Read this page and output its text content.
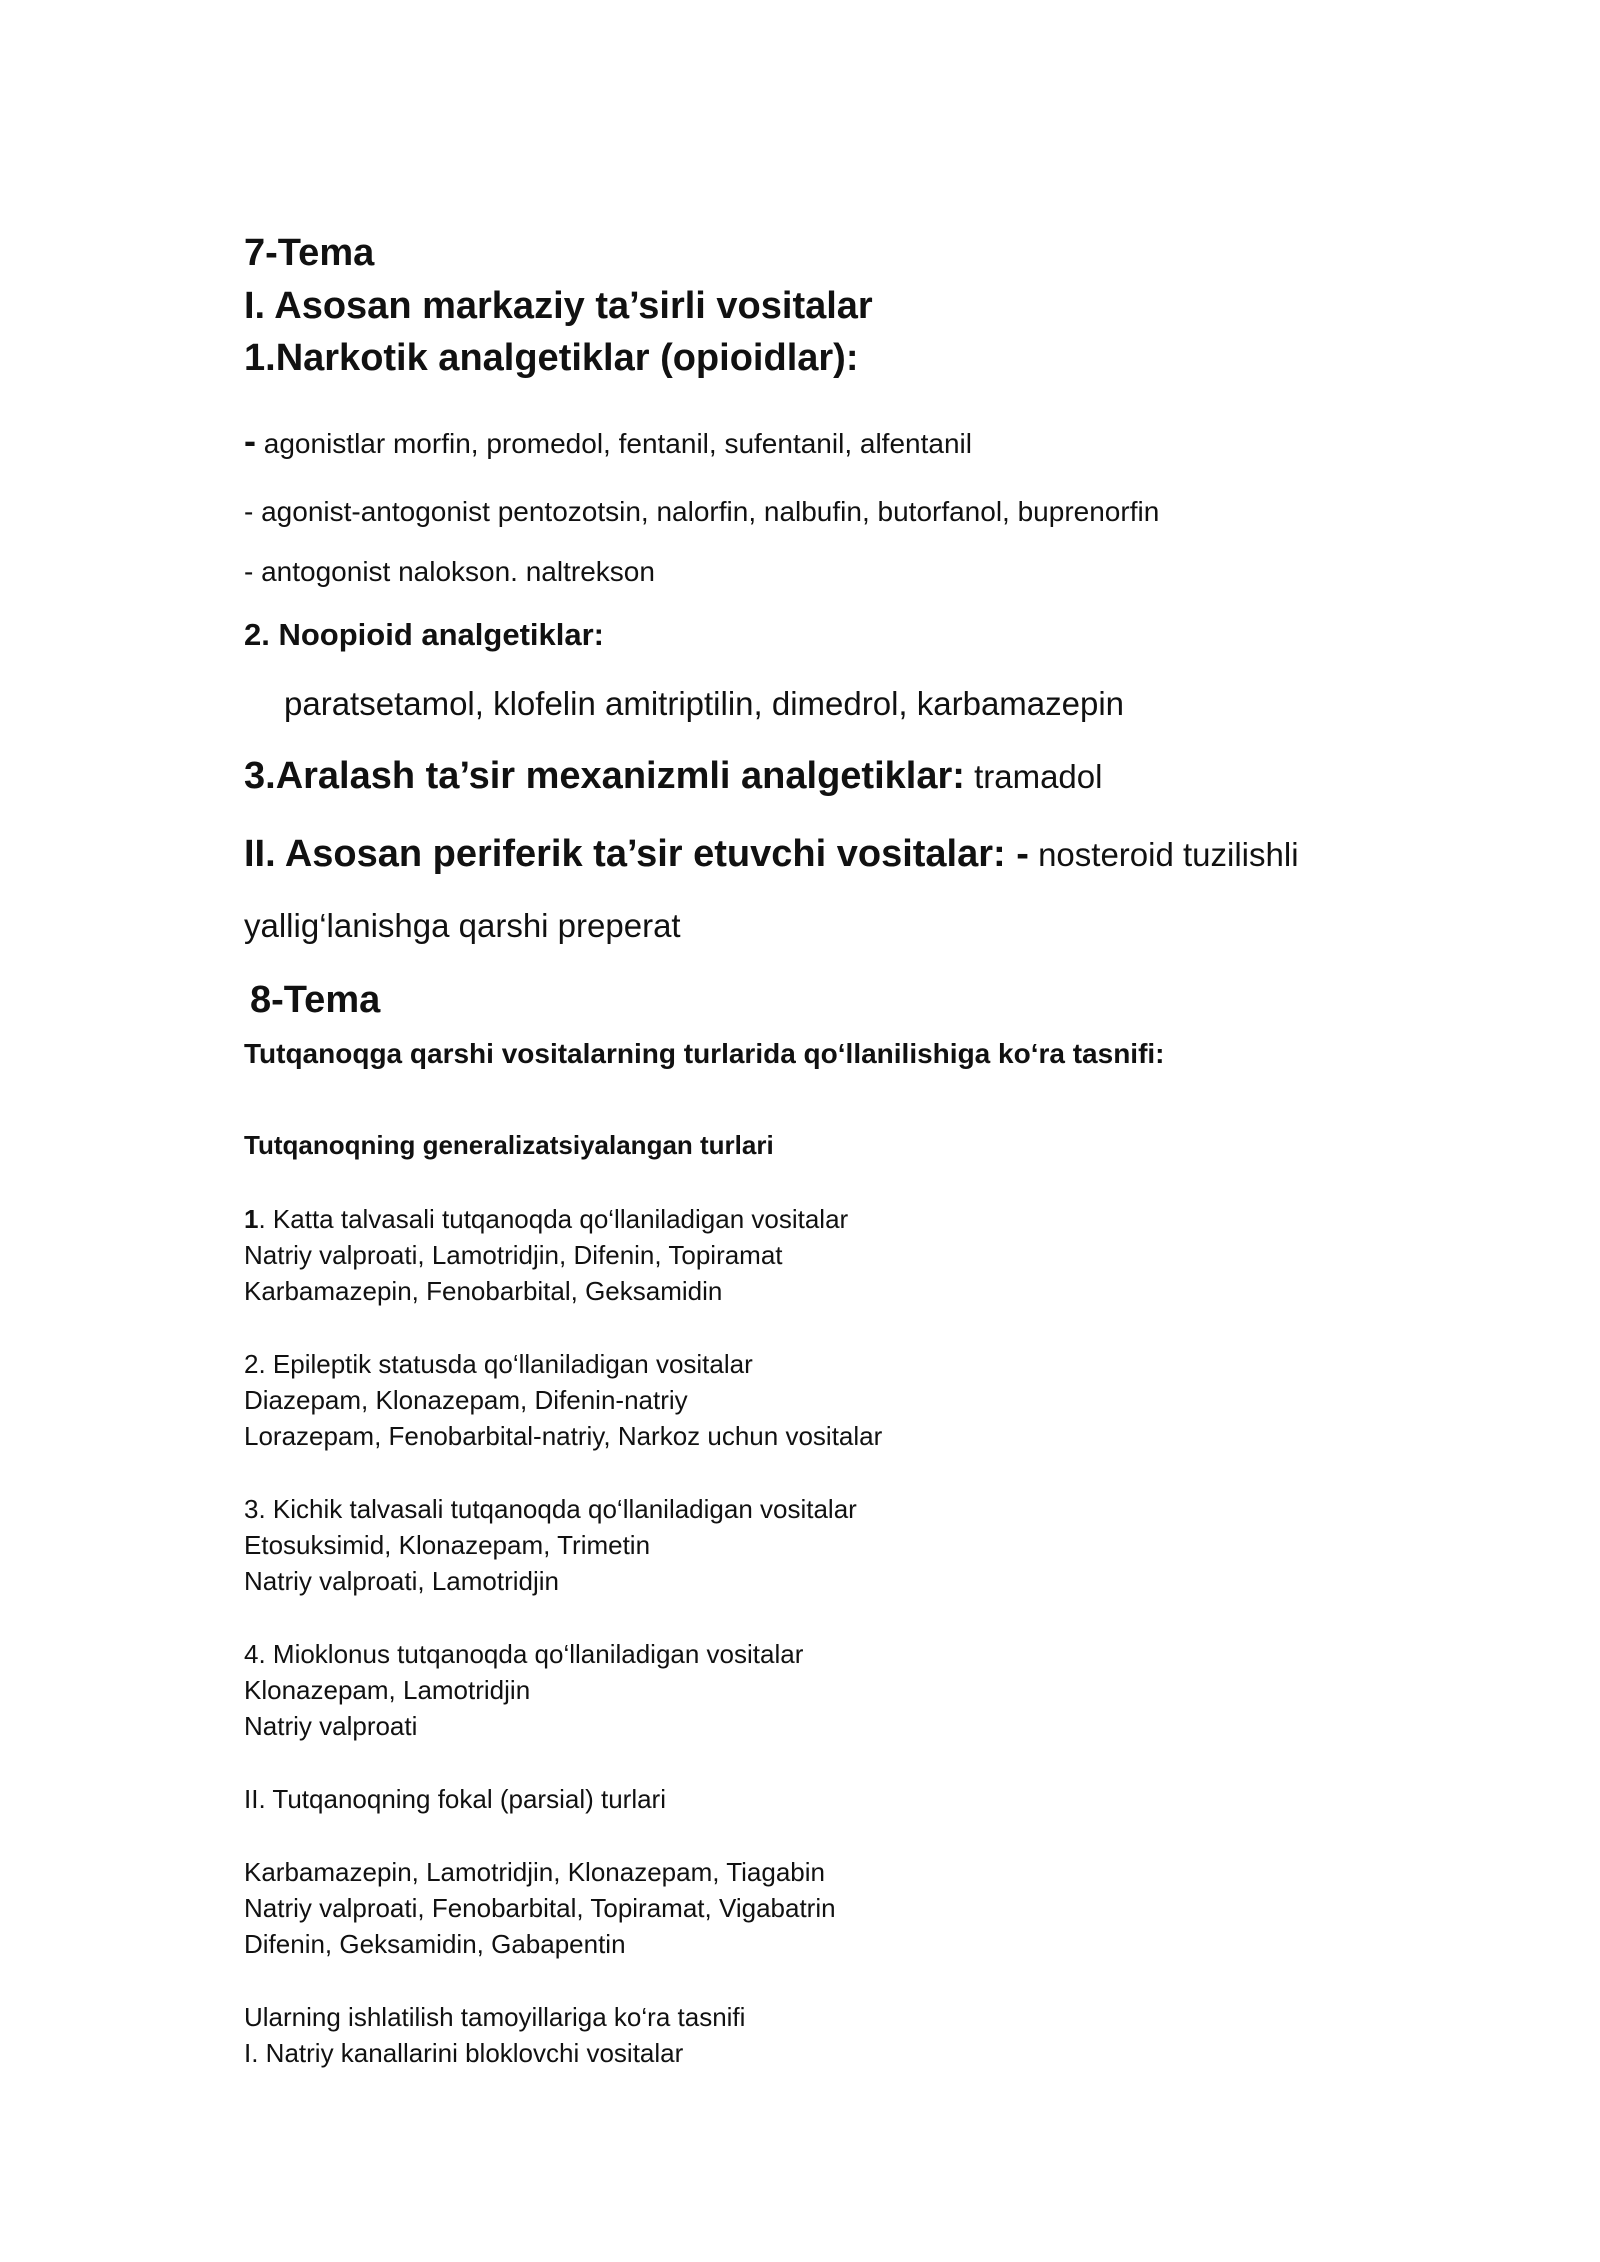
7-Tema
I. Asosan markaziy ta’sirli vositalar
1.Narkotik analgetiklar (opioidlar):
- agonistlar morfin, promedol, fentanil, sufentanil, alfentanil
- agonist-antogonist pentozotsin, nalorfin, nalbufin, butorfanol, buprenorfin
- antogonist nalokson. naltrekson
2. Noopioid analgetiklar:
paratsetamol, klofelin amitriptilin, dimedrol, karbamazepin
3.Aralash ta’sir mexanizmli analgetiklar: tramadol
II. Asosan periferik ta’sir etuvchi vositalar: - nosteroid tuzilishli
yallig‘lanishga qarshi preperat
8-Tema
Tutqanoqga qarshi vositalarning turlarida qo‘llanilishiga ko‘ra tasnifi:
Tutqanoqning generalizatsiyalangan turlari
1. Katta talvasali tutqanoqda qo‘llaniladigan vositalar
Natriy valproati, Lamotridjin, Difenin, Topiramat
Karbamazepin, Fenobarbital, Geksamidin
2. Epileptik statusda qo‘llaniladigan vositalar
Diazepam, Klonazepam, Difenin-natriy
Lorazepam, Fenobarbital-natriy, Narkoz uchun vositalar
3. Kichik talvasali tutqanoqda qo‘llaniladigan vositalar
Etosuksimid, Klonazepam, Trimetin
Natriy valproati, Lamotridjin
4. Mioklonus tutqanoqda qo‘llaniladigan vositalar
Klonazepam, Lamotridjin
Natriy valproati
II. Tutqanoqning fokal (parsial) turlari
Karbamazepin, Lamotridjin, Klonazepam, Tiagabin
Natriy valproati, Fenobarbital, Topiramat, Vigabatrin
Difenin, Geksamidin, Gabapentin
Ularning ishlatilish tamoyillariga ko‘ra tasnifi
I. Natriy kanallarini bloklovchi vositalar
